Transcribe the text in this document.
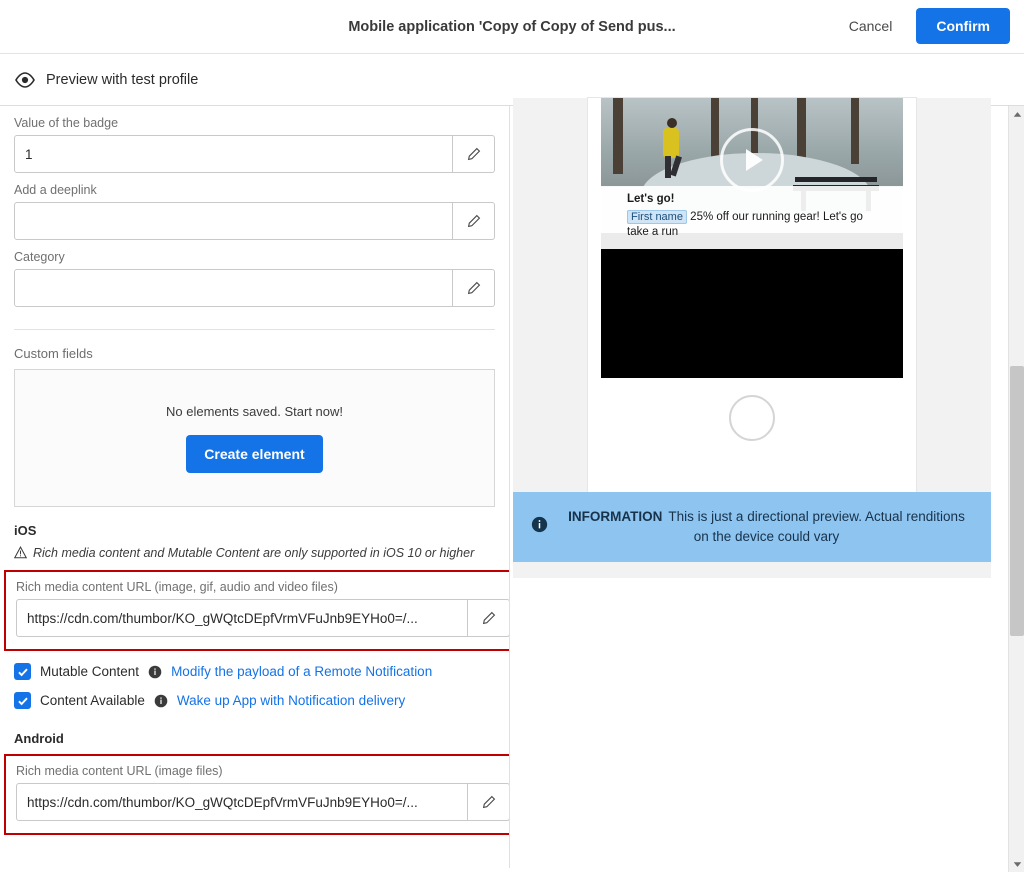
Mobile application 'Copy of Copy of Send pus...	Cancel	Confirm
Preview with test profile
Value of the badge
1
Add a deeplink
Category
Custom fields
No elements saved. Start now!
Create element
iOS
Rich media content and Mutable Content are only supported in iOS 10 or higher
Rich media content URL (image, gif, audio and video files)
https://cdn.com/thumbor/KO_gWQtcDEpfVrmVFuJnb9EYHo0=/...
Mutable Content Modify the payload of a Remote Notification
Content Available Wake up App with Notification delivery
Android
Rich media content URL (image files)
https://cdn.com/thumbor/KO_gWQtcDEpfVrmVFuJnb9EYHo0=/...
Let's go!
First name 25% off our running gear! Let's go take a run
INFORMATION This is just a directional preview. Actual renditions on the device could vary
